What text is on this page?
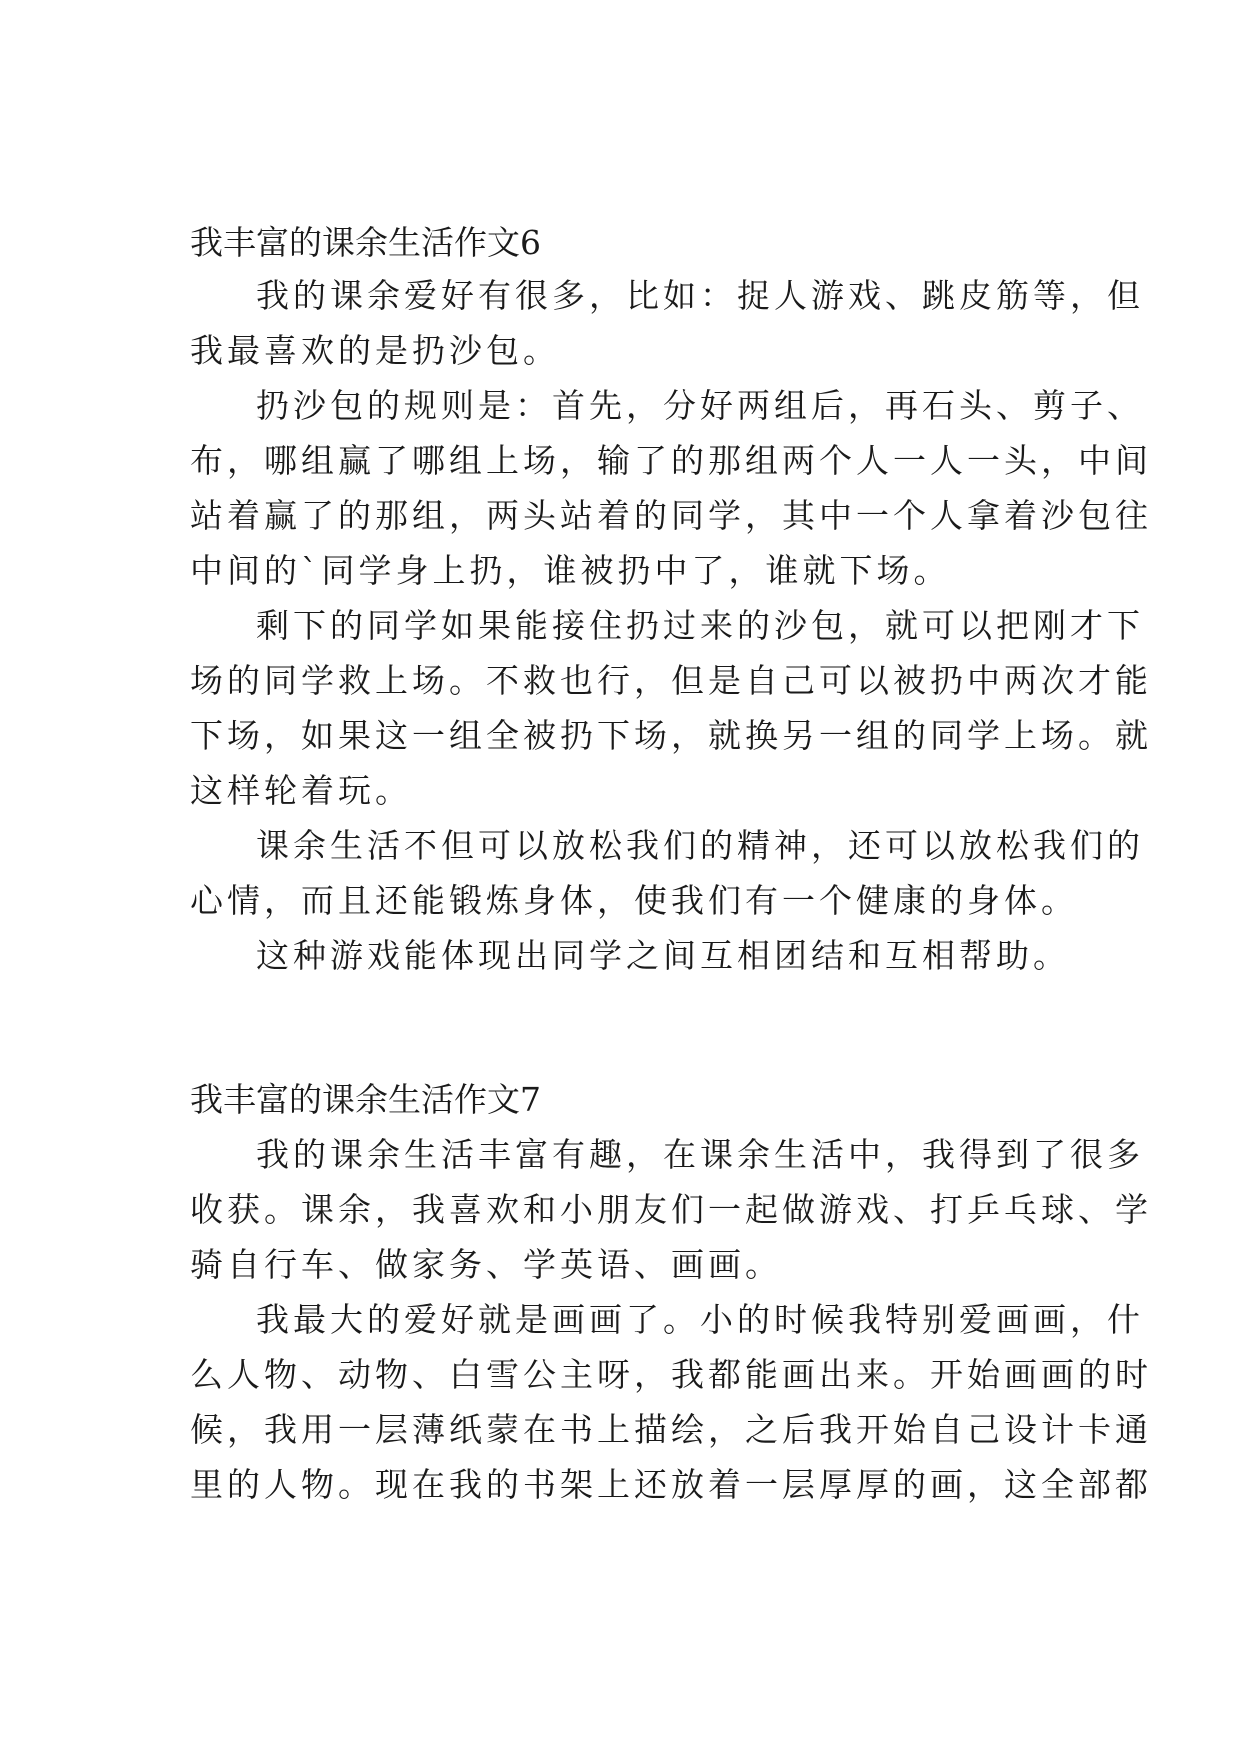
我丰富的课余生活作文6

我的课余爱好有很多，比如：捉人游戏、跳皮筋等，但

我最喜欢的是扔沙包。

扔沙包的规则是：首先，分好两组后，再石头、剪子、

布，哪组赢了哪组上场，输了的那组两个人一人一头，中间

站着赢了的那组，两头站着的同学，其中一个人拿着沙包往

中间的`同学身上扔，谁被扔中了，谁就下场。

剩下的同学如果能接住扔过来的沙包，就可以把刚才下

场的同学救上场。不救也行，但是自己可以被扔中两次才能

下场，如果这一组全被扔下场，就换另一组的同学上场。就

这样轮着玩。

课余生活不但可以放松我们的精神，还可以放松我们的

心情，而且还能锻炼身体，使我们有一个健康的身体。

这种游戏能体现出同学之间互相团结和互相帮助。

我丰富的课余生活作文7

我的课余生活丰富有趣，在课余生活中，我得到了很多

收获。课余，我喜欢和小朋友们一起做游戏、打乒乓球、学

骑自行车、做家务、学英语、画画。

我最大的爱好就是画画了。小的时候我特别爱画画，什

么人物、动物、白雪公主呀，我都能画出来。开始画画的时

候，我用一层薄纸蒙在书上描绘，之后我开始自己设计卡通

里的人物。现在我的书架上还放着一层厚厚的画，这全部都
